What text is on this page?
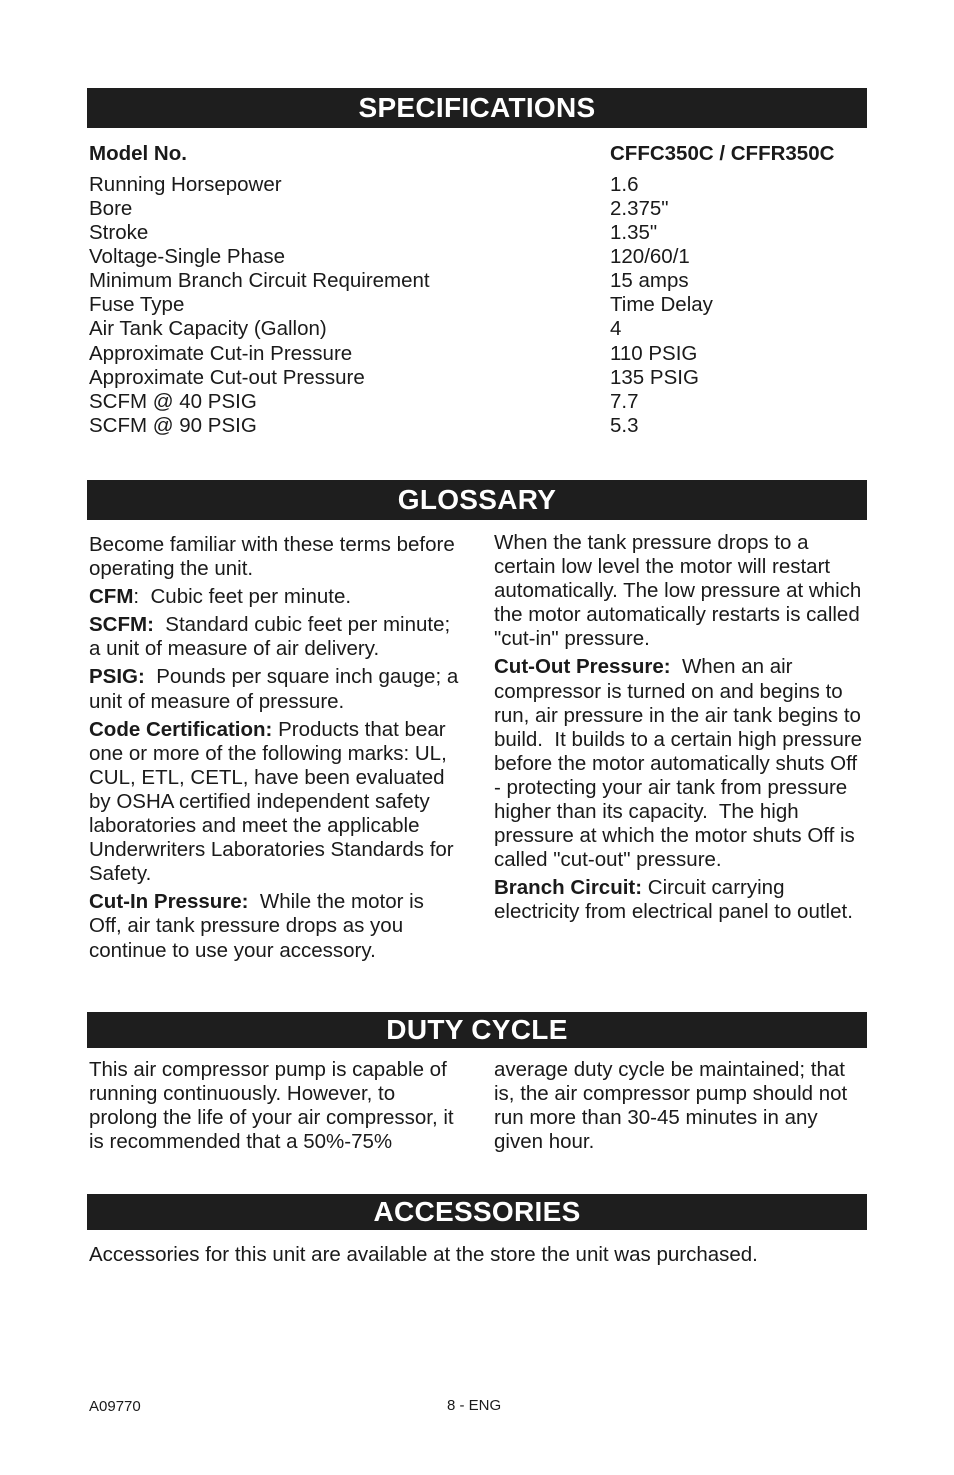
SPECIFICATIONS
Model No.	CFFC350C / CFFR350C
Running Horsepower	1.6
Bore	2.375"
Stroke	1.35"
Voltage-Single Phase	120/60/1
Minimum Branch Circuit Requirement	15 amps
Fuse Type	Time Delay
Air Tank Capacity (Gallon)	4
Approximate Cut-in Pressure	110 PSIG
Approximate Cut-out Pressure	135 PSIG
SCFM @ 40 PSIG	7.7
SCFM @ 90 PSIG	5.3
GLOSSARY

Become familiar with these terms before operating the unit.

CFM:  Cubic feet per minute.

SCFM:  Standard cubic feet per minute; a unit of measure of air delivery.

PSIG:  Pounds per square inch gauge; a unit of measure of pressure.

Code Certification: Products that bear one or more of the following marks: UL, CUL, ETL, CETL, have been evaluated by OSHA certified independent safety laboratories and meet the applicable Underwriters Laboratories Standards for Safety.

Cut-In Pressure:  While the motor is Off, air tank pressure drops as you continue to use your accessory.

When the tank pressure drops to a certain low level the motor will restart automatically. The low pressure at which the motor automatically restarts is called "cut-in" pressure.

Cut-Out Pressure:  When an air compressor is turned on and begins to run, air pressure in the air tank begins to build.  It builds to a certain high pressure before the motor automatically shuts Off - protecting your air tank from pressure higher than its capacity.  The high pressure at which the motor shuts Off is called "cut-out" pressure.

Branch Circuit: Circuit carrying electricity from electrical panel to outlet.

DUTY CYCLE
This air compressor pump is capable of running continuously. However, to prolong the life of your air compressor, it is recommended that a 50%-75%
average duty cycle be maintained; that is, the air compressor pump should not run more than 30-45 minutes in any given hour.
ACCESSORIES
Accessories for this unit are available at the store the unit was purchased.
A09770	8 - ENG
